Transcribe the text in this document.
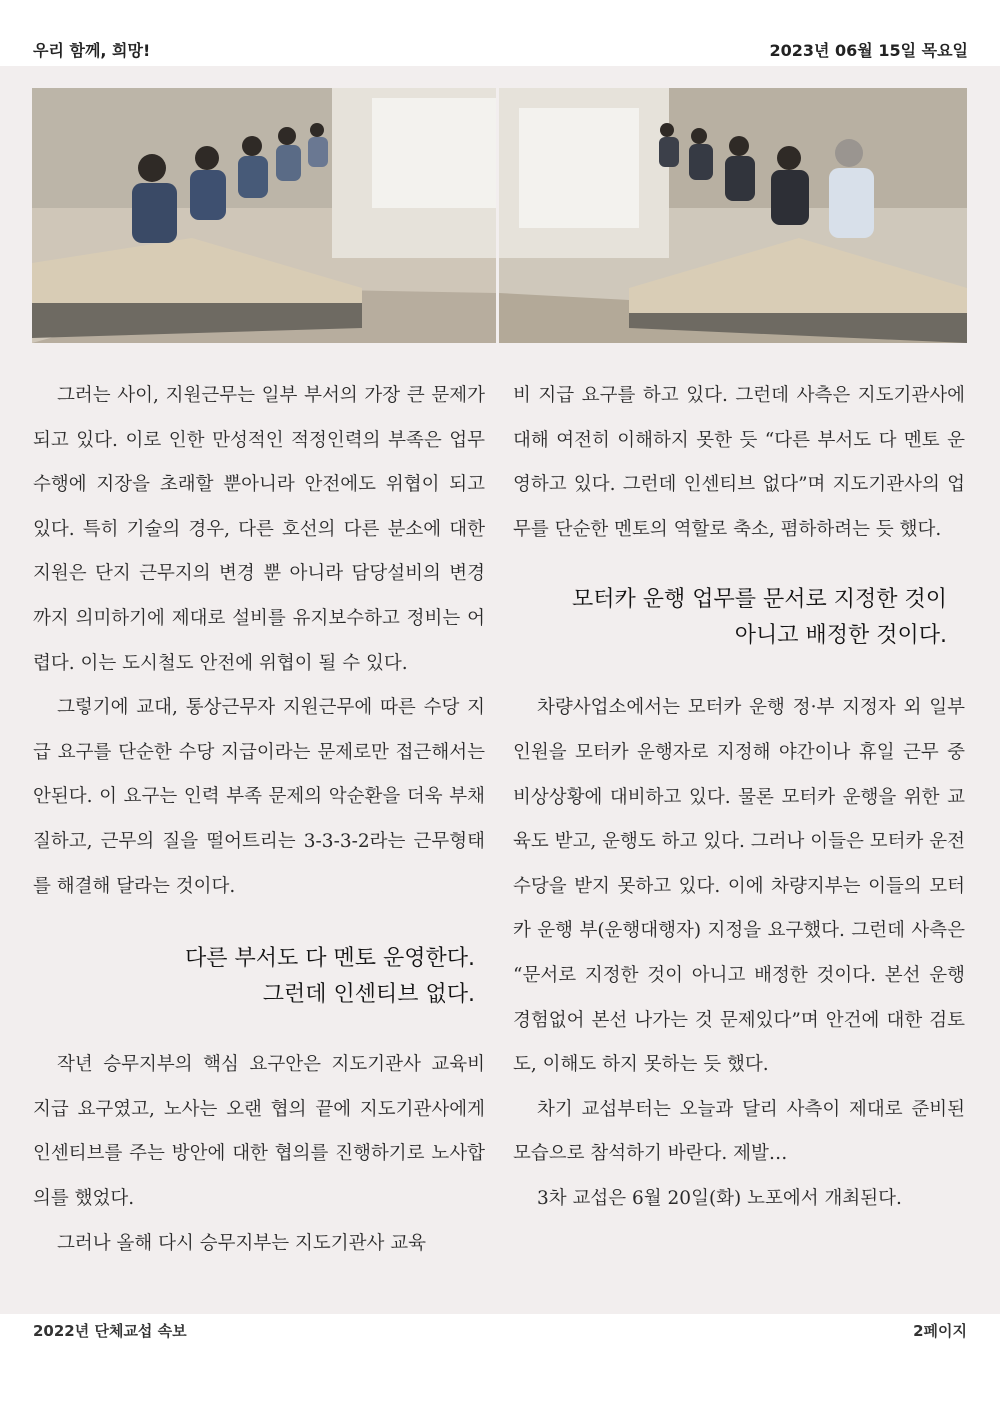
우리 함께, 희망!	2023년 06월 15일 목요일

그러는 사이, 지원근무는 일부 부서의 가장 큰 문제가 되고 있다. 이로 인한 만성적인 적정인력의 부족은 업무수행에 지장을 초래할 뿐아니라 안전에도 위협이 되고 있다. 특히 기술의 경우, 다른 호선의 다른 분소에 대한 지원은 단지 근무지의 변경 뿐 아니라 담당설비의 변경까지 의미하기에 제대로 설비를 유지보수하고 정비는 어렵다. 이는 도시철도 안전에 위협이 될 수 있다.

그렇기에 교대, 통상근무자 지원근무에 따른 수당 지급 요구를 단순한 수당 지급이라는 문제로만 접근해서는 안된다. 이 요구는 인력 부족 문제의 악순환을 더욱 부채질하고, 근무의 질을 떨어트리는 3-3-3-2라는 근무형태를 해결해 달라는 것이다.

다른 부서도 다 멘토 운영한다.
그런데 인센티브 없다.

작년 승무지부의 핵심 요구안은 지도기관사 교육비 지급 요구였고, 노사는 오랜 협의 끝에 지도기관사에게 인센티브를 주는 방안에 대한 협의를 진행하기로 노사합의를 했었다.

그러나 올해 다시 승무지부는 지도기관사 교육

비 지급 요구를 하고 있다. 그런데 사측은 지도기관사에 대해 여전히 이해하지 못한 듯 “다른 부서도 다 멘토 운영하고 있다. 그런데 인센티브 없다”며 지도기관사의 업무를 단순한 멘토의 역할로 축소, 폄하하려는 듯 했다.

모터카 운행 업무를 문서로 지정한 것이
아니고 배정한 것이다.

차량사업소에서는 모터카 운행 정·부 지정자 외 일부 인원을 모터카 운행자로 지정해 야간이나 휴일 근무 중 비상상황에 대비하고 있다. 물론 모터카 운행을 위한 교육도 받고, 운행도 하고 있다. 그러나 이들은 모터카 운전수당을 받지 못하고 있다. 이에 차량지부는 이들의 모터카 운행 부(운행대행자) 지정을 요구했다. 그런데 사측은 “문서로 지정한 것이 아니고 배정한 것이다. 본선 운행 경험없어 본선 나가는 것 문제있다”며 안건에 대한 검토도, 이해도 하지 못하는 듯 했다.

차기 교섭부터는 오늘과 달리 사측이 제대로 준비된 모습으로 참석하기 바란다. 제발…

3차 교섭은 6월 20일(화) 노포에서 개최된다.

2022년 단체교섭 속보	2페이지
